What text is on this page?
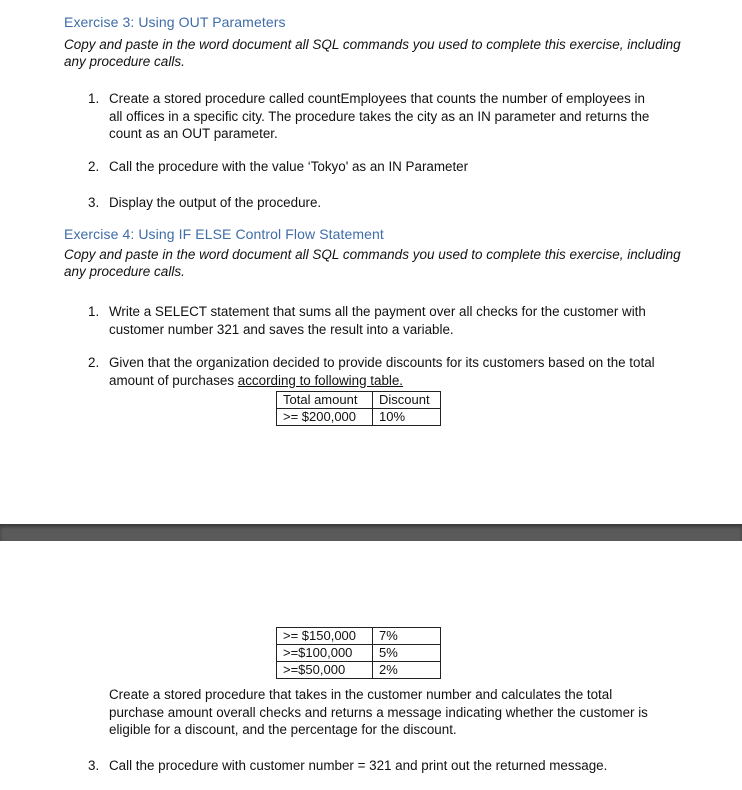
Exercise 3: Using OUT Parameters
Copy and paste in the word document all SQL commands you used to complete this exercise, including any procedure calls.
1. Create a stored procedure called countEmployees that counts the number of employees in all offices in a specific city. The procedure takes the city as an IN parameter and returns the count as an OUT parameter.
2. Call the procedure with the value ‘Tokyo' as an IN Parameter
3. Display the output of the procedure.
Exercise 4: Using IF ELSE Control Flow Statement
Copy and paste in the word document all SQL commands you used to complete this exercise, including any procedure calls.
1. Write a SELECT statement that sums all the payment over all checks for the customer with customer number 321 and saves the result into a variable.
2. Given that the organization decided to provide discounts for its customers based on the total amount of purchases according to following table.
Total amount	Discount
>= $200,000	10%
>= $150,000	7%
>=$100,000	5%
>=$50,000	2%
Create a stored procedure that takes in the customer number and calculates the total purchase amount overall checks and returns a message indicating whether the customer is eligible for a discount, and the percentage for the discount.
3. Call the procedure with customer number = 321 and print out the returned message.
